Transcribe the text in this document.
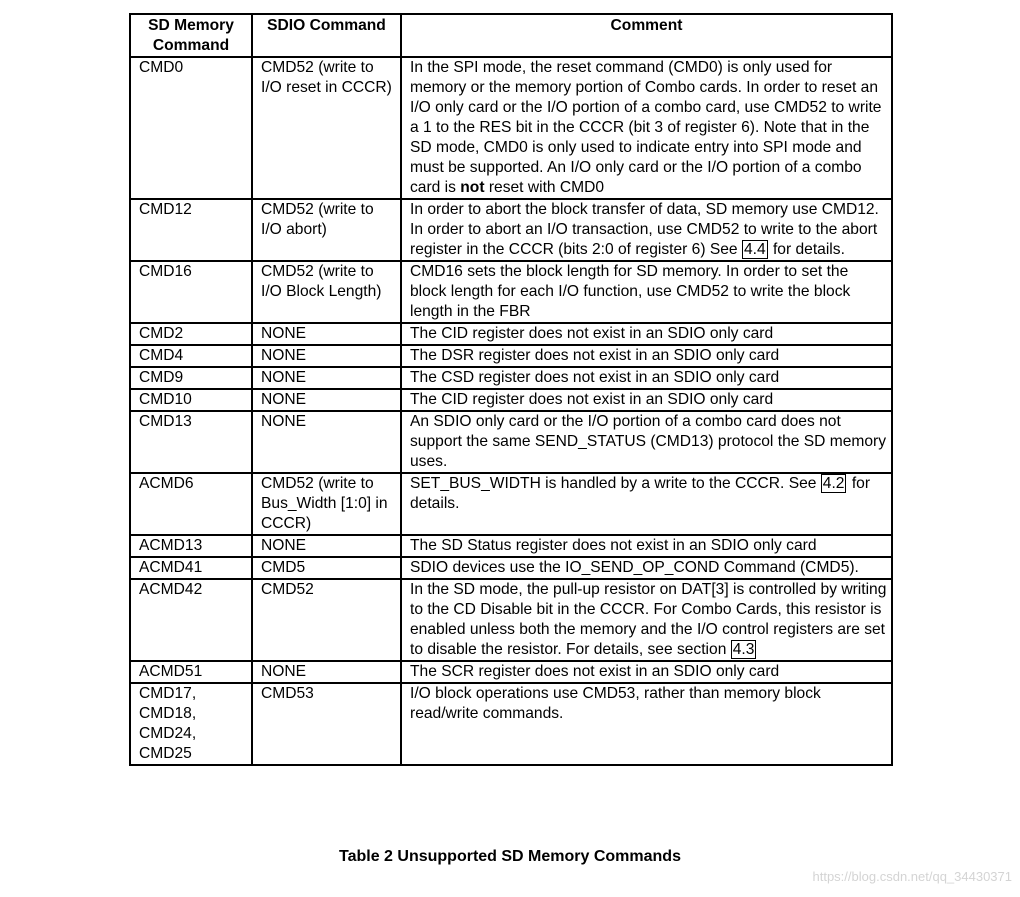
SD Memory Command	SDIO Command	Comment
CMD0	CMD52 (write to I/O reset in CCCR)	In the SPI mode, the reset command (CMD0) is only used for memory or the memory portion of Combo cards. In order to reset an I/O only card or the I/O portion of a combo card, use CMD52 to write a 1 to the RES bit in the CCCR (bit 3 of register 6). Note that in the SD mode, CMD0 is only used to indicate entry into SPI mode and must be supported. An I/O only card or the I/O portion of a combo card is not reset with CMD0
CMD12	CMD52 (write to I/O abort)	In order to abort the block transfer of data, SD memory use CMD12. In order to abort an I/O transaction, use CMD52 to write to the abort register in the CCCR (bits 2:0 of register 6) See 4.4 for details.
CMD16	CMD52 (write to I/O Block Length)	CMD16 sets the block length for SD memory. In order to set the block length for each I/O function, use CMD52 to write the block length in the FBR
CMD2	NONE	The CID register does not exist in an SDIO only card
CMD4	NONE	The DSR register does not exist in an SDIO only card
CMD9	NONE	The CSD register does not exist in an SDIO only card
CMD10	NONE	The CID register does not exist in an SDIO only card
CMD13	NONE	An SDIO only card or the I/O portion of a combo card does not support the same SEND_STATUS (CMD13) protocol the SD memory uses.
ACMD6	CMD52 (write to Bus_Width [1:0] in CCCR)	SET_BUS_WIDTH is handled by a write to the CCCR. See 4.2 for details.
ACMD13	NONE	The SD Status register does not exist in an SDIO only card
ACMD41	CMD5	SDIO devices use the IO_SEND_OP_COND Command (CMD5).
ACMD42	CMD52	In the SD mode, the pull-up resistor on DAT[3] is controlled by writing to the CD Disable bit in the CCCR. For Combo Cards, this resistor is enabled unless both the memory and the I/O control registers are set to disable the resistor. For details, see section 4.3
ACMD51	NONE	The SCR register does not exist in an SDIO only card
CMD17, CMD18, CMD24, CMD25	CMD53	I/O block operations use CMD53, rather than memory block read/write commands.
Table 2 Unsupported SD Memory Commands
https://blog.csdn.net/qq_34430371
